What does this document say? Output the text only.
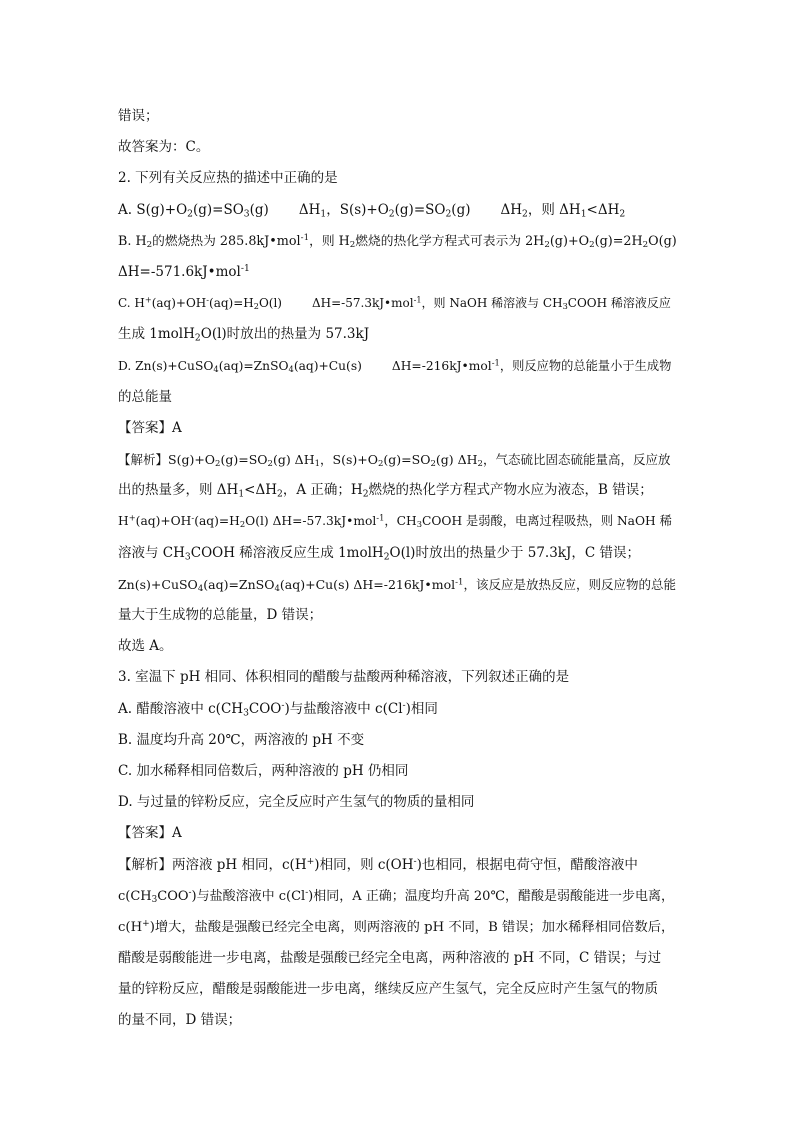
错误；
故答案为：C。
2. 下列有关反应热的描述中正确的是
A. $S(g)+O_2(g)=SO_3(g)$ $\Delta H_1$，$S(s)+O_2(g)=SO_2(g)$ $\Delta H_2$，则 $\Delta H_1<\Delta H_2$
B. $H_2$的燃烧热为 285.8kJ•mol$^{-1}$，则 $H_2$燃烧的热化学方程式可表示为 $2H_2(g)+O_2(g)=2H_2O(g)$
ΔH=-571.6kJ•mol$^{-1}$
C. $H^+(aq)+OH^-(aq)=H_2O(l)$	ΔH=-57.3kJ•mol$^{-1}$，则 NaOH 稀溶液与 $CH_3COOH$ 稀溶液反应
生成 1molH$_2$O(l)时放出的热量为 57.3kJ
D. Zn(s)+CuSO$_4$(aq)=ZnSO$_4$(aq)+Cu(s) ΔH=-216kJ•mol$^{-1}$，则反应物的总能量小于生成物
的总能量
【答案】A
【解析】$S(g)+O_2(g)=SO_2(g)$ $\Delta H_1$，$S(s)+O_2(g)=SO_2(g)$ $\Delta H_2$，气态硫比固态硫能量高，反应放
出的热量多，则 $\Delta H_1<\Delta H_2$，A 正确；$H_2$燃烧的热化学方程式产物水应为液态，B 错误；
$H^+(aq)+OH^-(aq)=H_2O(l)$ ΔH=-57.3kJ•mol$^{-1}$，$CH_3COOH$ 是弱酸，电离过程吸热，则 NaOH 稀
溶液与 $CH_3COOH$ 稀溶液反应生成 1molH$_2$O(l)时放出的热量少于 57.3kJ，C 错误；
Zn(s)+CuSO$_4$(aq)=ZnSO$_4$(aq)+Cu(s) ΔH=-216kJ•mol$^{-1}$，该反应是放热反应，则反应物的总能
量大于生成物的总能量，D 错误；
故选 A。
3. 室温下 pH 相同、体积相同的醋酸与盐酸两种稀溶液，下列叙述正确的是
A. 醋酸溶液中 $c(CH_3COO^-)$与盐酸溶液中 c(Cl-)相同
B. 温度均升高 20℃，两溶液的 pH 不变
C. 加水稀释相同倍数后，两种溶液的 pH 仍相同
D. 与过量的锌粉反应，完全反应时产生氢气的物质的量相同
【答案】A
【解析】两溶液 pH 相同，c(H+)相同，则 c(OH-)也相同，根据电荷守恒，醋酸溶液中
$c(CH_3COO^-)$与盐酸溶液中 c(Cl-)相同，A 正确；温度均升高 20℃，醋酸是弱酸能进一步电离，
c(H+)增大，盐酸是强酸已经完全电离，则两溶液的 pH 不同，B 错误；加水稀释相同倍数后，
醋酸是弱酸能进一步电离，盐酸是强酸已经完全电离，两种溶液的 pH 不同，C 错误；与过
量的锌粉反应，醋酸是弱酸能进一步电离，继续反应产生氢气，完全反应时产生氢气的物质
的量不同，D 错误；
